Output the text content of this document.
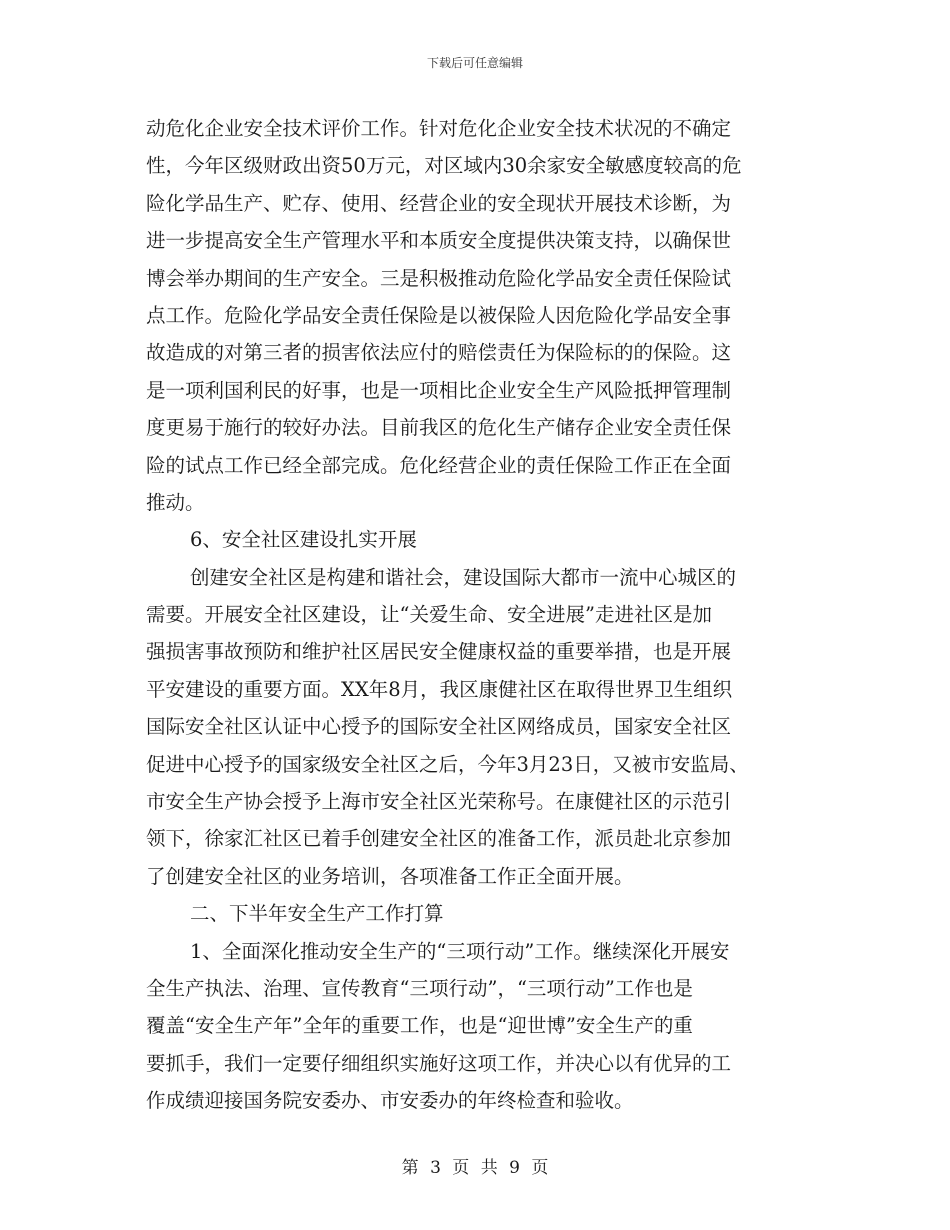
下载后可任意编辑
动危化企业安全技术评价工作。针对危化企业安全技术状况的不确定
性，今年区级财政出资50万元，对区域内30余家安全敏感度较高的危
险化学品生产、贮存、使用、经营企业的安全现状开展技术诊断，为
进一步提高安全生产管理水平和本质安全度提供决策支持，以确保世
博会举办期间的生产安全。三是积极推动危险化学品安全责任保险试
点工作。危险化学品安全责任保险是以被保险人因危险化学品安全事
故造成的对第三者的损害依法应付的赔偿责任为保险标的的保险。这
是一项利国利民的好事，也是一项相比企业安全生产风险抵押管理制
度更易于施行的较好办法。目前我区的危化生产储存企业安全责任保
险的试点工作已经全部完成。危化经营企业的责任保险工作正在全面
推动。
6、安全社区建设扎实开展
创建安全社区是构建和谐社会，建设国际大都市一流中心城区的
需要。开展安全社区建设，让“关爱生命、安全进展”走进社区是加
强损害事故预防和维护社区居民安全健康权益的重要举措，也是开展
平安建设的重要方面。XX年8月，我区康健社区在取得世界卫生组织
国际安全社区认证中心授予的国际安全社区网络成员，国家安全社区
促进中心授予的国家级安全社区之后，今年3月23日，又被市安监局、
市安全生产协会授予上海市安全社区光荣称号。在康健社区的示范引
领下，徐家汇社区已着手创建安全社区的准备工作，派员赴北京参加
了创建安全社区的业务培训，各项准备工作正全面开展。
二、下半年安全生产工作打算
1、全面深化推动安全生产的“三项行动”工作。继续深化开展安
全生产执法、治理、宣传教育“三项行动”，“三项行动”工作也是
覆盖“安全生产年”全年的重要工作，也是“迎世博”安全生产的重
要抓手，我们一定要仔细组织实施好这项工作，并决心以有优异的工
作成绩迎接国务院安委办、市安委办的年终检查和验收。
第 3 页 共 9 页
